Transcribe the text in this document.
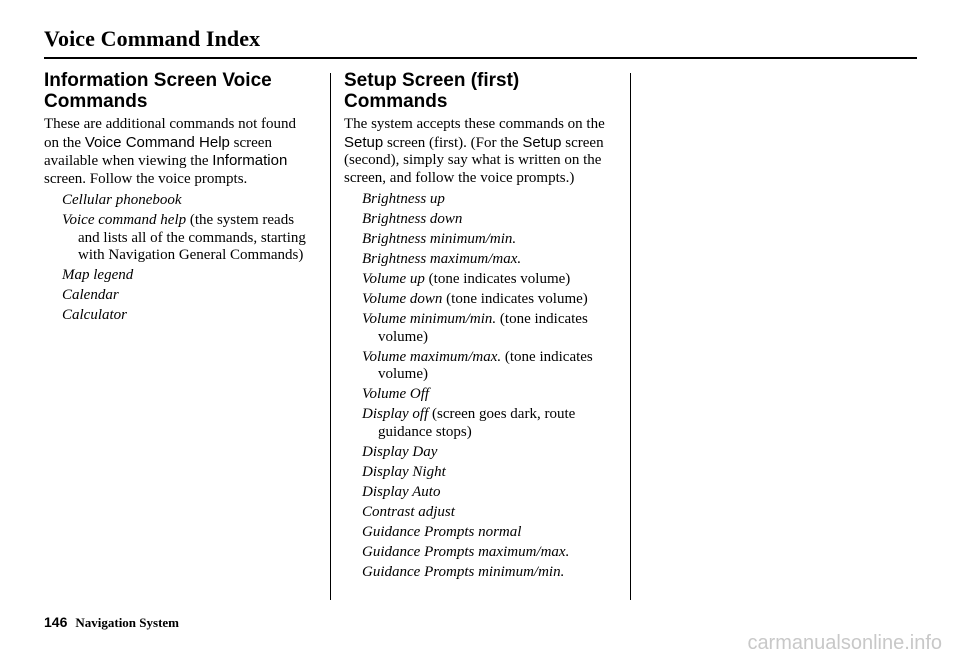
Voice Command Index
Information Screen Voice Commands

These are additional commands not found on the Voice Command Help screen available when viewing the Information screen. Follow the voice prompts.

Cellular phonebook
Voice command help (the system reads and lists all of the commands, starting with Navigation General Commands)
Map legend
Calendar
Calculator
Setup Screen (first) Commands

The system accepts these commands on the Setup screen (first). (For the Setup screen (second), simply say what is written on the screen, and follow the voice prompts.)

Brightness up
Brightness down
Brightness minimum/min.
Brightness maximum/max.
Volume up (tone indicates volume)
Volume down (tone indicates volume)
Volume minimum/min. (tone indicates volume)
Volume maximum/max. (tone indicates volume)
Volume Off
Display off (screen goes dark, route guidance stops)
Display Day
Display Night
Display Auto
Contrast adjust
Guidance Prompts normal
Guidance Prompts maximum/max.
Guidance Prompts minimum/min.
146 Navigation System
carmanualsonline.info
